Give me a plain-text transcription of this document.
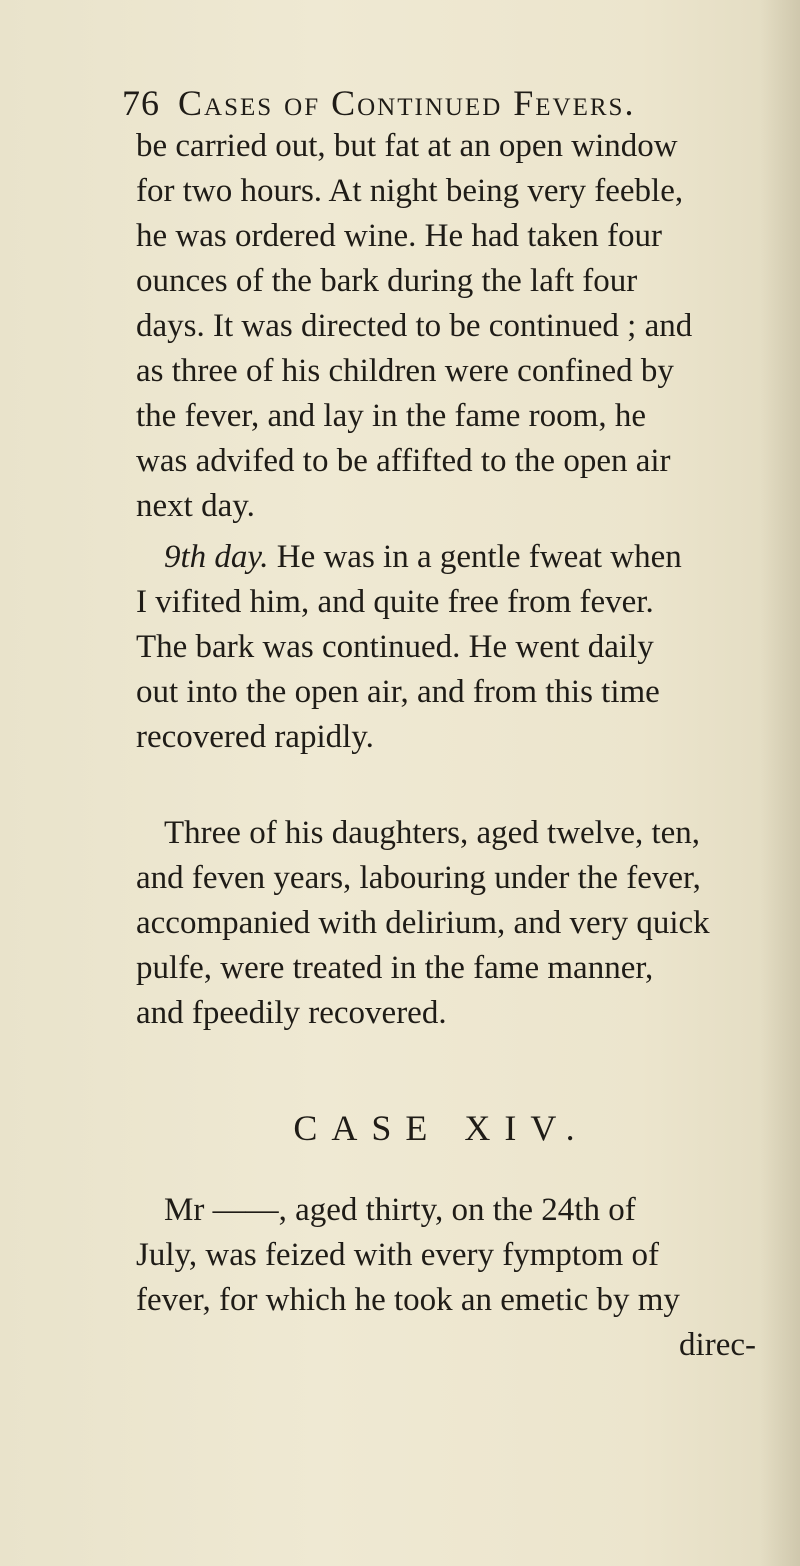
76 Cases of Continued Fevers.
be carried out, but fat at an open window
for two hours. At night being very feeble,
he was ordered wine. He had taken four
ounces of the bark during the laft four
days. It was directed to be continued ; and
as three of his children were confined by
the fever, and lay in the fame room, he
was advifed to be affifted to the open air
next day.
9th day. He was in a gentle fweat when
I vifited him, and quite free from fever.
The bark was continued. He went daily
out into the open air, and from this time
recovered rapidly.
Three of his daughters, aged twelve, ten,
and feven years, labouring under the fever,
accompanied with delirium, and very quick
pulfe, were treated in the fame manner,
and fpeedily recovered.
CASE XIV.
Mr ——, aged thirty, on the 24th of
July, was feized with every fymptom of
fever, for which he took an emetic by my
direc-
